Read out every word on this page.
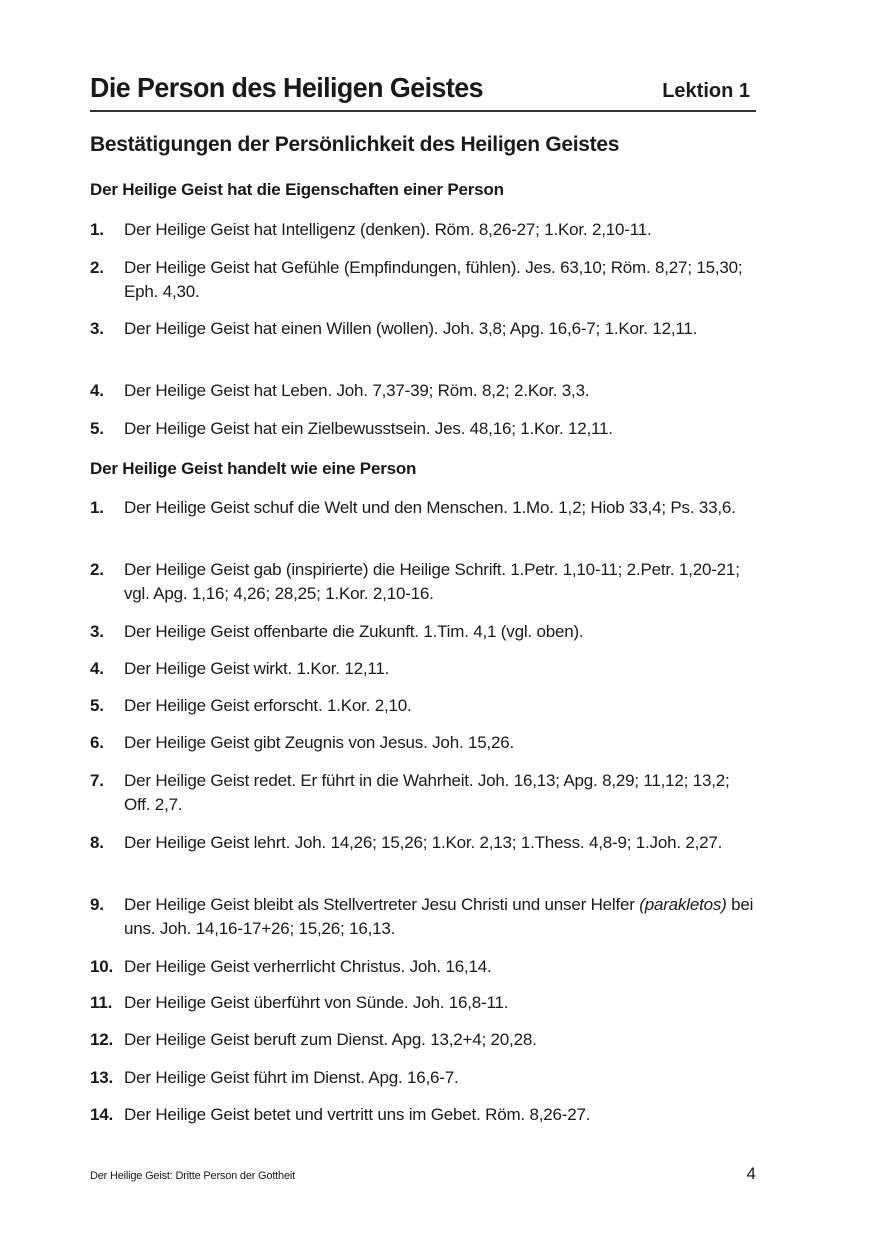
Die Person des Heiligen Geistes	Lektion 1
Bestätigungen der Persönlichkeit des Heiligen Geistes
Der Heilige Geist hat die Eigenschaften einer Person
1. Der Heilige Geist hat Intelligenz (denken). Röm. 8,26-27; 1.Kor. 2,10-11.
2. Der Heilige Geist hat Gefühle (Empfindungen, fühlen). Jes. 63,10; Röm. 8,27; 15,30; Eph. 4,30.
3. Der Heilige Geist hat einen Willen (wollen). Joh. 3,8; Apg. 16,6-7; 1.Kor. 12,11.
4. Der Heilige Geist hat Leben. Joh. 7,37-39; Röm. 8,2; 2.Kor. 3,3.
5. Der Heilige Geist hat ein Zielbewusstsein. Jes. 48,16; 1.Kor. 12,11.
Der Heilige Geist handelt wie eine Person
1. Der Heilige Geist schuf die Welt und den Menschen. 1.Mo. 1,2; Hiob 33,4; Ps. 33,6.
2. Der Heilige Geist gab (inspirierte) die Heilige Schrift. 1.Petr. 1,10-11; 2.Petr. 1,20-21; vgl. Apg. 1,16; 4,26; 28,25; 1.Kor. 2,10-16.
3. Der Heilige Geist offenbarte die Zukunft. 1.Tim. 4,1 (vgl. oben).
4. Der Heilige Geist wirkt. 1.Kor. 12,11.
5. Der Heilige Geist erforscht. 1.Kor. 2,10.
6. Der Heilige Geist gibt Zeugnis von Jesus. Joh. 15,26.
7. Der Heilige Geist redet. Er führt in die Wahrheit. Joh. 16,13; Apg. 8,29; 11,12; 13,2; Off. 2,7.
8. Der Heilige Geist lehrt. Joh. 14,26; 15,26; 1.Kor. 2,13; 1.Thess. 4,8-9; 1.Joh. 2,27.
9. Der Heilige Geist bleibt als Stellvertreter Jesu Christi und unser Helfer (parakletos) bei uns. Joh. 14,16-17+26; 15,26; 16,13.
10. Der Heilige Geist verherrlicht Christus. Joh. 16,14.
11. Der Heilige Geist überführt von Sünde. Joh. 16,8-11.
12. Der Heilige Geist beruft zum Dienst. Apg. 13,2+4; 20,28.
13. Der Heilige Geist führt im Dienst. Apg. 16,6-7.
14. Der Heilige Geist betet und vertritt uns im Gebet. Röm. 8,26-27.
Der Heilige Geist: Dritte Person der Gottheit	4
